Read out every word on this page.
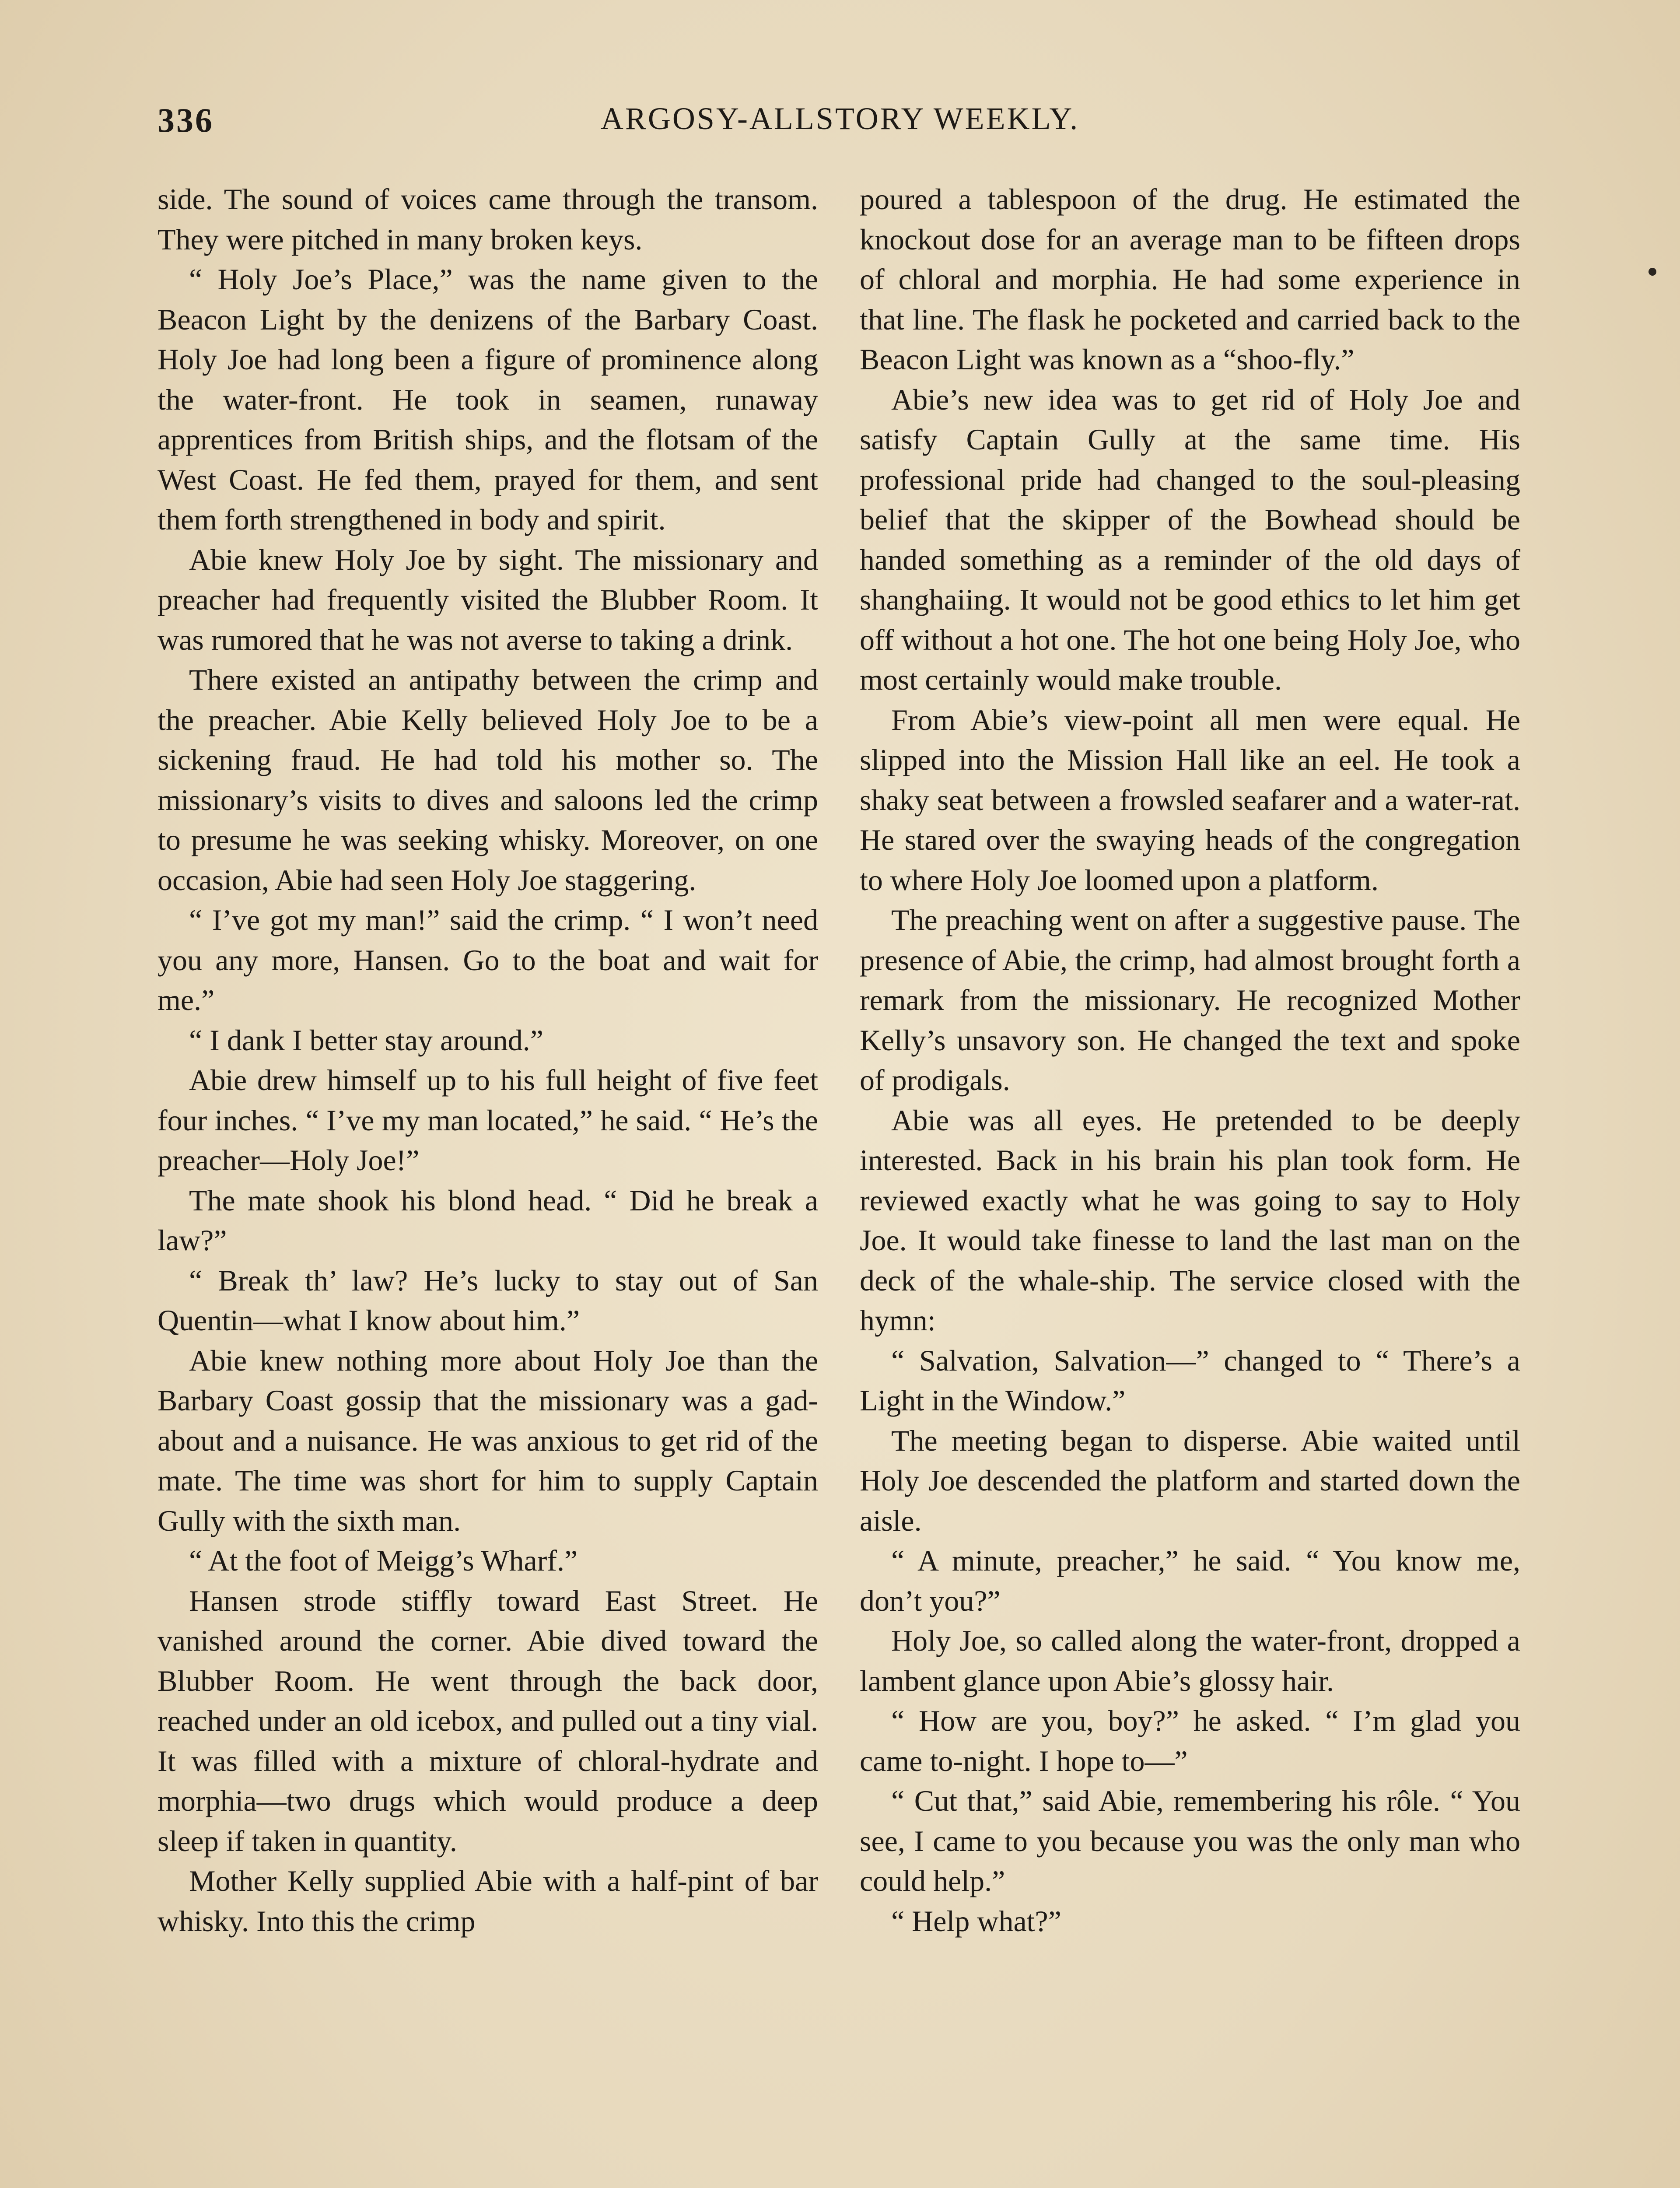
336	ARGOSY-ALLSTORY WEEKLY.

side. The sound of voices came through the transom. They were pitched in many broken keys.

“ Holy Joe’s Place,” was the name given to the Beacon Light by the denizens of the Barbary Coast. Holy Joe had long been a figure of prominence along the water-front. He took in seamen, runaway apprentices from British ships, and the flotsam of the West Coast. He fed them, prayed for them, and sent them forth strengthened in body and spirit.

Abie knew Holy Joe by sight. The missionary and preacher had frequently visited the Blubber Room. It was rumored that he was not averse to taking a drink.

There existed an antipathy between the crimp and the preacher. Abie Kelly believed Holy Joe to be a sickening fraud. He had told his mother so. The missionary’s visits to dives and saloons led the crimp to presume he was seeking whisky. Moreover, on one occasion, Abie had seen Holy Joe staggering.

“ I’ve got my man!” said the crimp. “ I won’t need you any more, Hansen. Go to the boat and wait for me.”

“ I dank I better stay around.”

Abie drew himself up to his full height of five feet four inches. “ I’ve my man located,” he said. “ He’s the preacher—Holy Joe!”

The mate shook his blond head. “ Did he break a law?”

“ Break th’ law? He’s lucky to stay out of San Quentin—what I know about him.”

Abie knew nothing more about Holy Joe than the Barbary Coast gossip that the missionary was a gad-about and a nuisance. He was anxious to get rid of the mate. The time was short for him to supply Captain Gully with the sixth man.

“ At the foot of Meigg’s Wharf.”

Hansen strode stiffly toward East Street. He vanished around the corner. Abie dived toward the Blubber Room. He went through the back door, reached under an old icebox, and pulled out a tiny vial. It was filled with a mixture of chloral-hydrate and morphia—two drugs which would produce a deep sleep if taken in quantity.

Mother Kelly supplied Abie with a half-pint of bar whisky. Into this the crimp

poured a tablespoon of the drug. He estimated the knockout dose for an average man to be fifteen drops of chloral and morphia. He had some experience in that line. The flask he pocketed and carried back to the Beacon Light was known as a “shoo-fly.”

Abie’s new idea was to get rid of Holy Joe and satisfy Captain Gully at the same time. His professional pride had changed to the soul-pleasing belief that the skipper of the Bowhead should be handed something as a reminder of the old days of shanghaiing. It would not be good ethics to let him get off without a hot one. The hot one being Holy Joe, who most certainly would make trouble.

From Abie’s view-point all men were equal. He slipped into the Mission Hall like an eel. He took a shaky seat between a frowsled seafarer and a water-rat. He stared over the swaying heads of the congregation to where Holy Joe loomed upon a platform.

The preaching went on after a suggestive pause. The presence of Abie, the crimp, had almost brought forth a remark from the missionary. He recognized Mother Kelly’s unsavory son. He changed the text and spoke of prodigals.

Abie was all eyes. He pretended to be deeply interested. Back in his brain his plan took form. He reviewed exactly what he was going to say to Holy Joe. It would take finesse to land the last man on the deck of the whale-ship. The service closed with the hymn:

“ Salvation, Salvation—” changed to “ There’s a Light in the Window.”

The meeting began to disperse. Abie waited until Holy Joe descended the platform and started down the aisle.

“ A minute, preacher,” he said. “ You know me, don’t you?”

Holy Joe, so called along the water-front, dropped a lambent glance upon Abie’s glossy hair.

“ How are you, boy?” he asked. “ I’m glad you came to-night. I hope to—”

“ Cut that,” said Abie, remembering his rôle. “ You see, I came to you because you was the only man who could help.”

“ Help what?”
